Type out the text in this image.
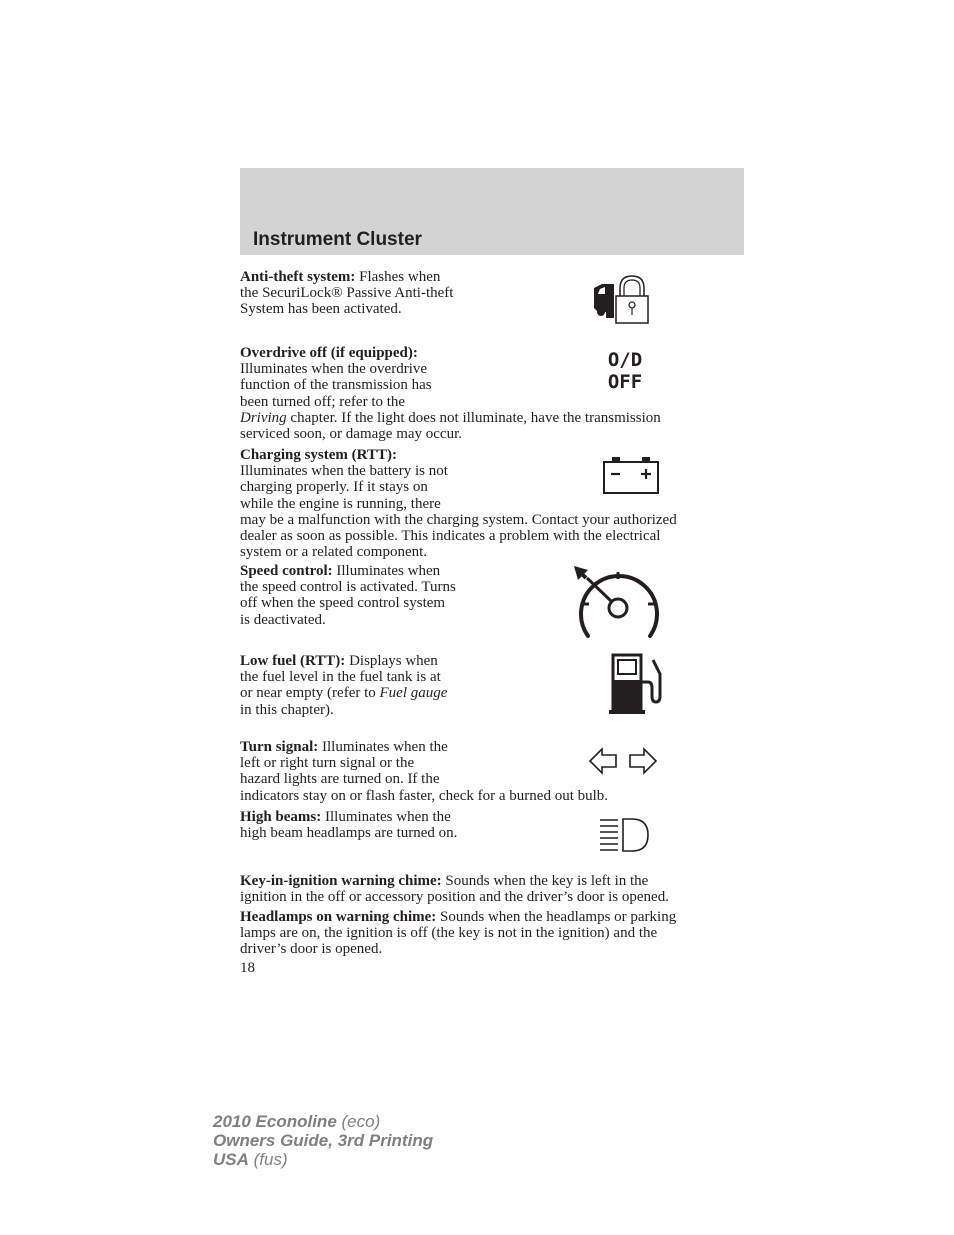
Instrument Cluster

Anti-theft system: Flashes when
the SecuriLock® Passive Anti-theft
System has been activated.

Overdrive off (if equipped):
Illuminates when the overdrive
function of the transmission has
been turned off; refer to the
Driving chapter. If the light does not illuminate, have the transmission
serviced soon, or damage may occur.

O/D
OFF

Charging system (RTT):
Illuminates when the battery is not
charging properly. If it stays on
while the engine is running, there
may be a malfunction with the charging system. Contact your authorized
dealer as soon as possible. This indicates a problem with the electrical
system or a related component.

Speed control: Illuminates when
the speed control is activated. Turns
off when the speed control system
is deactivated.

Low fuel (RTT): Displays when
the fuel level in the fuel tank is at
or near empty (refer to Fuel gauge
in this chapter).

Turn signal: Illuminates when the
left or right turn signal or the
hazard lights are turned on. If the
indicators stay on or flash faster, check for a burned out bulb.

High beams: Illuminates when the
high beam headlamps are turned on.

Key-in-ignition warning chime: Sounds when the key is left in the
ignition in the off or accessory position and the driver’s door is opened.

Headlamps on warning chime: Sounds when the headlamps or parking
lamps are on, the ignition is off (the key is not in the ignition) and the
driver’s door is opened.

18
2010 Econoline (eco)
Owners Guide, 3rd Printing
USA (fus)
